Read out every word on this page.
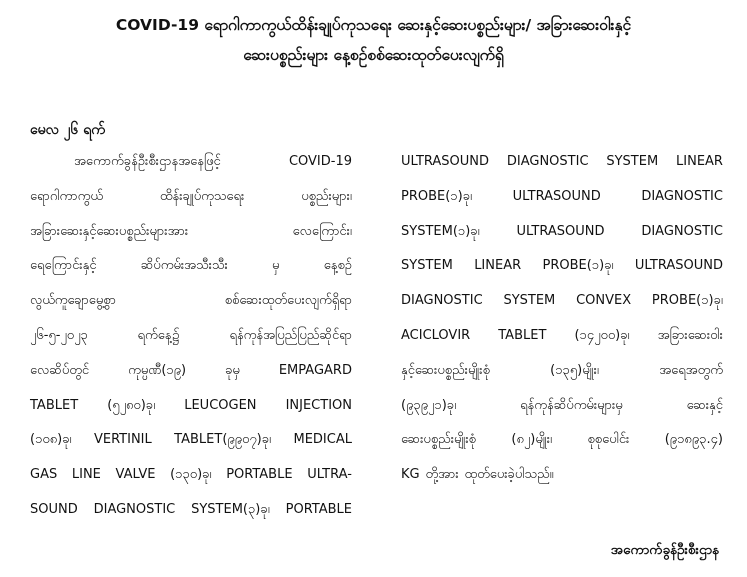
COVID-19 ရောဂါကာကွယ်ထိန်းချုပ်ကုသရေး ဆေးနှင့်ဆေးပစ္စည်းများ/ အခြားဆေးဝါးနှင့်
ဆေးပစ္စည်းများ နေ့စဉ်စစ်ဆေးထုတ်ပေးလျက်ရှိ
မေလ ၂၆ ရက်
အကောက်ခွန်ဦးစီးဌာနအနေဖြင့်	COVID-19
ရောဂါကာကွယ်	ထိန်းချုပ်ကုသရေး	ပစ္စည်းများ၊
အခြားဆေးနှင့်ဆေးပစ္စည်းများအား	လေကြောင်း၊
ရေကြောင်းနှင့်	ဆိပ်ကမ်းအသီးသီး	မှ	နေ့စဉ်
လွယ်ကူချောမွေ့စွာ	စစ်ဆေးထုတ်ပေးလျက်ရှိရာ
၂၆-၅-၂၀၂၃	ရက်နေ့၌	ရန်ကုန်အပြည်ပြည်ဆိုင်ရာ
လေဆိပ်တွင်	ကုမ္ပဏီ(၁၉)	ခုမှ	EMPAGARD
TABLET (၅၂၈၀)ခု၊ LEUCOGEN INJECTION
(၁၀၈)ခု၊ VERTINIL TABLET(၉၉၀၇)ခု၊ MEDICAL
GAS LINE VALVE (၁၃၀)ခု၊ PORTABLE ULTRA-
SOUND DIAGNOSTIC SYSTEM(၃)ခု၊ PORTABLE
ULTRASOUND DIAGNOSTIC SYSTEM LINEAR
PROBE(၁)ခု၊	ULTRASOUND	DIAGNOSTIC
SYSTEM(၁)ခု၊	ULTRASOUND	DIAGNOSTIC
SYSTEM LINEAR PROBE(၁)ခု၊ ULTRASOUND
DIAGNOSTIC SYSTEM CONVEX PROBE(၁)ခု၊
ACICLOVIR TABLET (၁၄၂၀၀)ခု၊ အခြားဆေးဝါး
နှင့်ဆေးပစ္စည်းမျိုးစုံ	(၁၃၅)မျိုး၊	အရေအတွက်
(၉၃၉၂၁)ခု၊	ရန်ကုန်ဆိပ်ကမ်းများမှ	ဆေးနှင့်
ဆေးပစ္စည်းမျိုးစုံ	(၈၂)မျိုး၊	စုစုပေါင်း	(၉၁၈၉၃.၄)
KG တို့အား ထုတ်ပေးခဲ့ပါသည်။
အကောက်ခွန်ဦးစီးဌာန
